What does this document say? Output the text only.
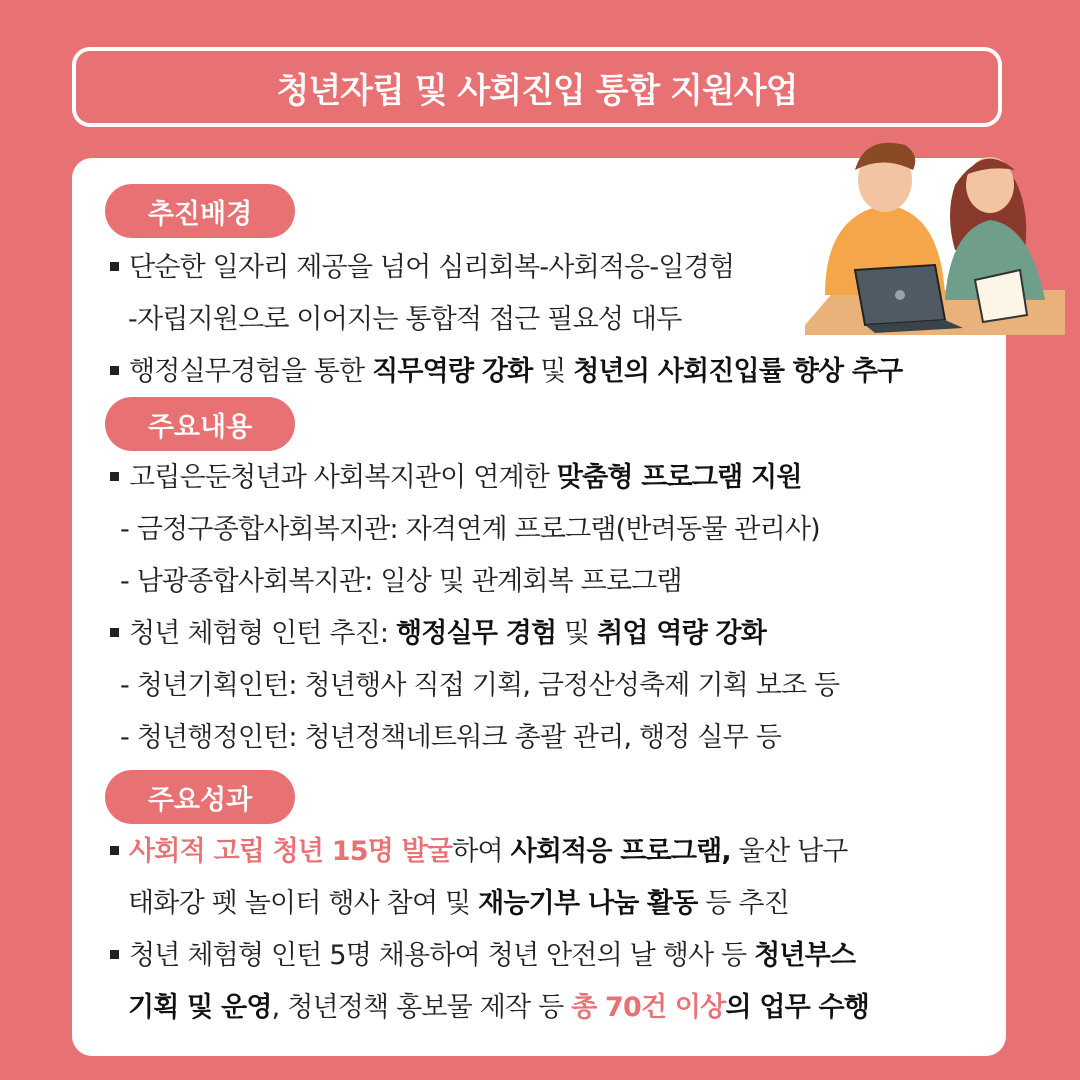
청년자립 및 사회진입 통합 지원사업
추진배경
단순한 일자리 제공을 넘어 심리회복-사회적응-일경험
-자립지원으로 이어지는 통합적 접근 필요성 대두
행정실무경험을 통한 직무역량 강화 및 청년의 사회진입률 향상 추구
주요내용
고립은둔청년과 사회복지관이 연계한 맞춤형 프로그램 지원
- 금정구종합사회복지관: 자격연계 프로그램(반려동물 관리사)
- 남광종합사회복지관: 일상 및 관계회복 프로그램
청년 체험형 인턴 추진: 행정실무 경험 및 취업 역량 강화
- 청년기획인턴: 청년행사 직접 기획, 금정산성축제 기획 보조 등
- 청년행정인턴: 청년정책네트워크 총괄 관리, 행정 실무 등
주요성과
사회적 고립 청년 15명 발굴하여 사회적응 프로그램, 울산 남구
태화강 펫 놀이터 행사 참여 및 재능기부 나눔 활동 등 추진
청년 체험형 인턴 5명 채용하여 청년 안전의 날 행사 등 청년부스
기획 및 운영, 청년정책 홍보물 제작 등 총 70건 이상의 업무 수행
